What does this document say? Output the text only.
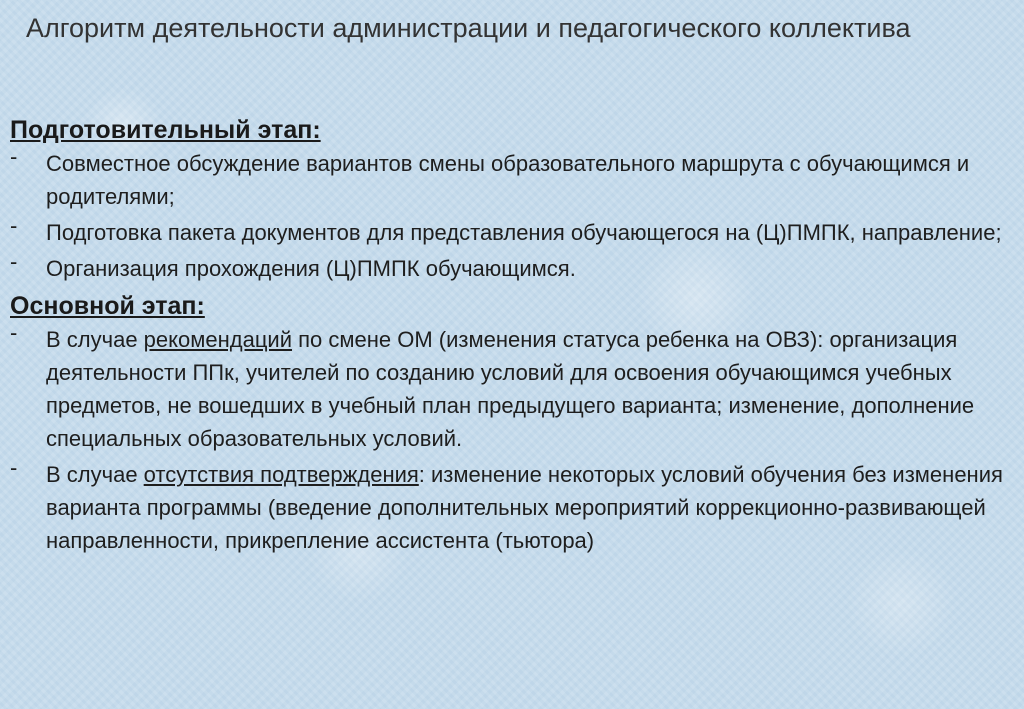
Алгоритм деятельности администрации и педагогического коллектива
Подготовительный этап:
- Совместное обсуждение вариантов смены образовательного маршрута с обучающимся и родителями;
- Подготовка пакета документов для представления обучающегося на (Ц)ПМПК, направление;
- Организация прохождения (Ц)ПМПК обучающимся.
Основной этап:
- В случае рекомендаций по смене ОМ (изменения статуса ребенка на ОВЗ): организация деятельности ППк, учителей по созданию условий для освоения обучающимся учебных предметов, не вошедших в учебный план предыдущего варианта; изменение, дополнение специальных образовательных условий.
- В случае отсутствия подтверждения: изменение некоторых условий обучения без изменения варианта программы (введение дополнительных мероприятий коррекционно-развивающей направленности, прикрепление ассистента (тьютора)
